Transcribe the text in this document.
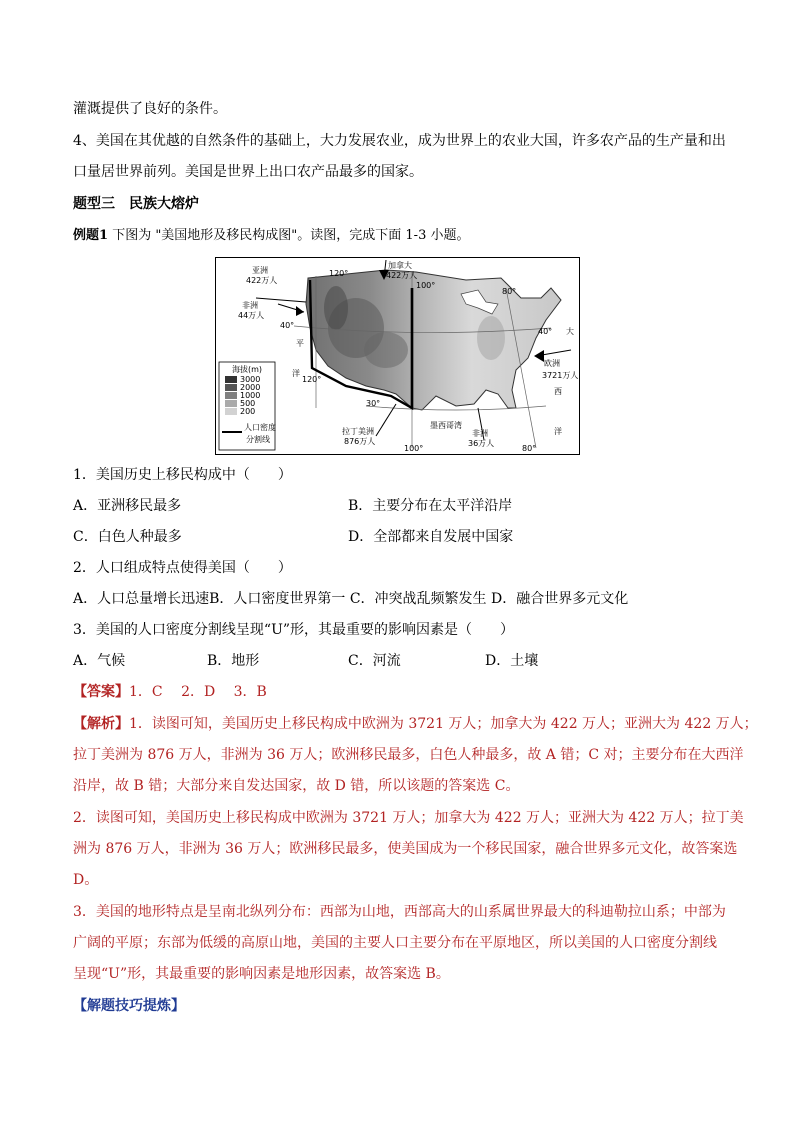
灌溉提供了良好的条件。
4、美国在其优越的自然条件的基础上，大力发展农业，成为世界上的农业大国，许多农产品的生产量和出
口量居世界前列。美国是世界上出口农产品最多的国家。
题型三　民族大熔炉
例题1 下图为 "美国地形及移民构成图"。读图，完成下面 1-3 小题。
亚洲
422万人
加拿大
422万人
非洲
44万人
欧洲
3721万人
拉丁美洲
876万人
非洲
36万人
墨西哥湾
120°
100°
80°
120°
100°	80°
40°
40°
30°
平
洋
大
西
洋
海拔(m)
3000
2000
1000
500
200
人口密度
分割线
1．美国历史上移民构成中（　　）
A．亚洲移民最多	B．主要分布在太平洋沿岸
C．白色人种最多	D．全部都来自发展中国家
2．人口组成特点使得美国（　　）
A．人口总量增长迅速B．人口密度世界第一 C．冲突战乱频繁发生 D．融合世界多元文化
3．美国的人口密度分割线呈现“U”形，其最重要的影响因素是（　　）
A．气候	B．地形	C．河流	D．土壤
【答案】1．C　 2．D　 3．B
【解析】1．读图可知，美国历史上移民构成中欧洲为 3721 万人；加拿大为 422 万人；亚洲大为 422 万人；
拉丁美洲为 876 万人，非洲为 36 万人；欧洲移民最多，白色人种最多，故 A 错；C 对；主要分布在大西洋
沿岸，故 B 错；大部分来自发达国家，故 D 错，所以该题的答案选 C。
2．读图可知，美国历史上移民构成中欧洲为 3721 万人；加拿大为 422 万人；亚洲大为 422 万人；拉丁美
洲为 876 万人，非洲为 36 万人；欧洲移民最多，使美国成为一个移民国家，融合世界多元文化，故答案选
D。
3．美国的地形特点是呈南北纵列分布：西部为山地，西部高大的山系属世界最大的科迪勒拉山系；中部为
广阔的平原；东部为低缓的高原山地，美国的主要人口主要分布在平原地区，所以美国的人口密度分割线
呈现“U”形，其最重要的影响因素是地形因素，故答案选 B。
【解题技巧提炼】
